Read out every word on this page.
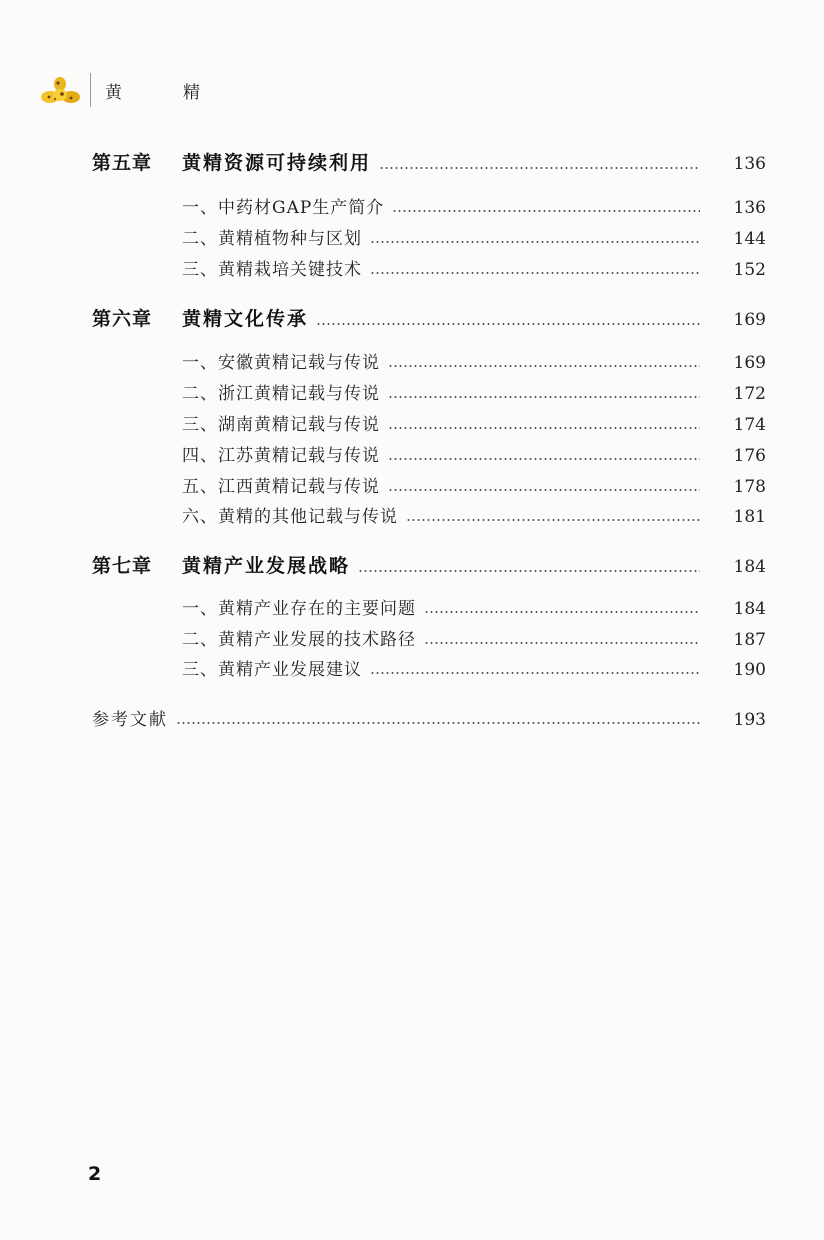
黄　精
第五章	黄精资源可持续利用	136
一、中药材GAP生产简介	136
二、黄精植物种与区划	144
三、黄精栽培关键技术	152
第六章	黄精文化传承	169
一、安徽黄精记载与传说	169
二、浙江黄精记载与传说	172
三、湖南黄精记载与传说	174
四、江苏黄精记载与传说	176
五、江西黄精记载与传说	178
六、黄精的其他记载与传说	181
第七章	黄精产业发展战略	184
一、黄精产业存在的主要问题	184
二、黄精产业发展的技术路径	187
三、黄精产业发展建议	190
参考文献	193
2
